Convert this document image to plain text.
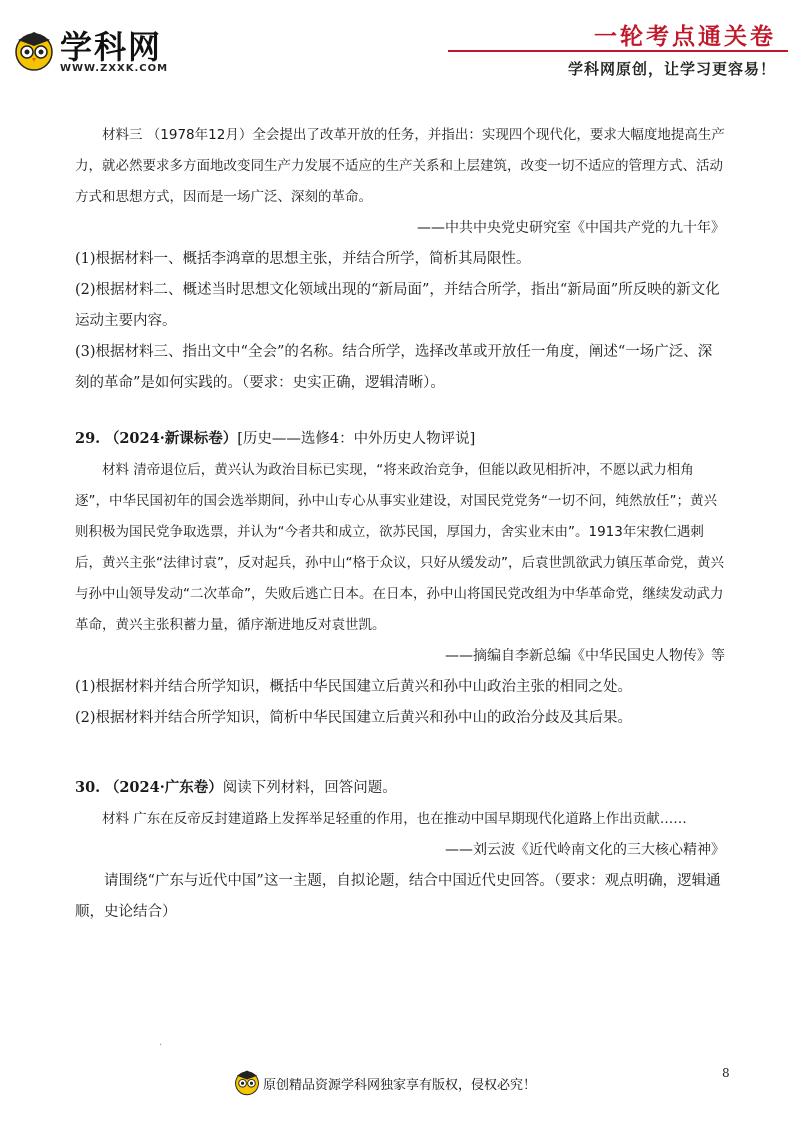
学科网
WWW.ZXXK.COM
一轮考点通关卷
学科网原创，让学习更容易！

材料三 （1978年12月）全会提出了改革开放的任务，并指出：实现四个现代化，要求大幅度地提高生产力，就必然要求多方面地改变同生产力发展不适应的生产关系和上层建筑，改变一切不适应的管理方式、活动方式和思想方式，因而是一场广泛、深刻的革命。

——中共中央党史研究室《中国共产党的九十年》

(1)根据材料一、概括李鸿章的思想主张，并结合所学，简析其局限性。

(2)根据材料二、概述当时思想文化领域出现的“新局面”，并结合所学，指出“新局面”所反映的新文化运动主要内容。

(3)根据材料三、指出文中“全会”的名称。结合所学，选择改革或开放任一角度，阐述“一场广泛、深刻的革命”是如何实践的。（要求：史实正确，逻辑清晰）。

29. （2024·新课标卷）[历史——选修4：中外历史人物评说]

材料 清帝退位后，黄兴认为政治目标已实现，“将来政治竞争，但能以政见相折冲，不愿以武力相角逐”，中华民国初年的国会选举期间，孙中山专心从事实业建设，对国民党党务“一切不问，纯然放任”；黄兴则积极为国民党争取选票，并认为“今者共和成立，欲苏民国，厚国力，舍实业末由”。1913年宋教仁遇刺后，黄兴主张“法律讨袁”，反对起兵，孙中山“格于众议，只好从缓发动”，后袁世凯欲武力镇压革命党，黄兴与孙中山领导发动“二次革命”，失败后逃亡日本。在日本，孙中山将国民党改组为中华革命党，继续发动武力革命，黄兴主张积蓄力量，循序渐进地反对袁世凯。

——摘编自李新总编《中华民国史人物传》等

(1)根据材料并结合所学知识，概括中华民国建立后黄兴和孙中山政治主张的相同之处。

(2)根据材料并结合所学知识，简析中华民国建立后黄兴和孙中山的政治分歧及其后果。

30. （2024·广东卷）阅读下列材料，回答问题。

材料 广东在反帝反封建道路上发挥举足轻重的作用，也在推动中国早期现代化道路上作出贡献……

——刘云波《近代岭南文化的三大核心精神》

请围绕“广东与近代中国”这一主题，自拟论题，结合中国近代史回答。（要求：观点明确，逻辑通顺，史论结合）

·
原创精品资源学科网独家享有版权，侵权必究！
8
